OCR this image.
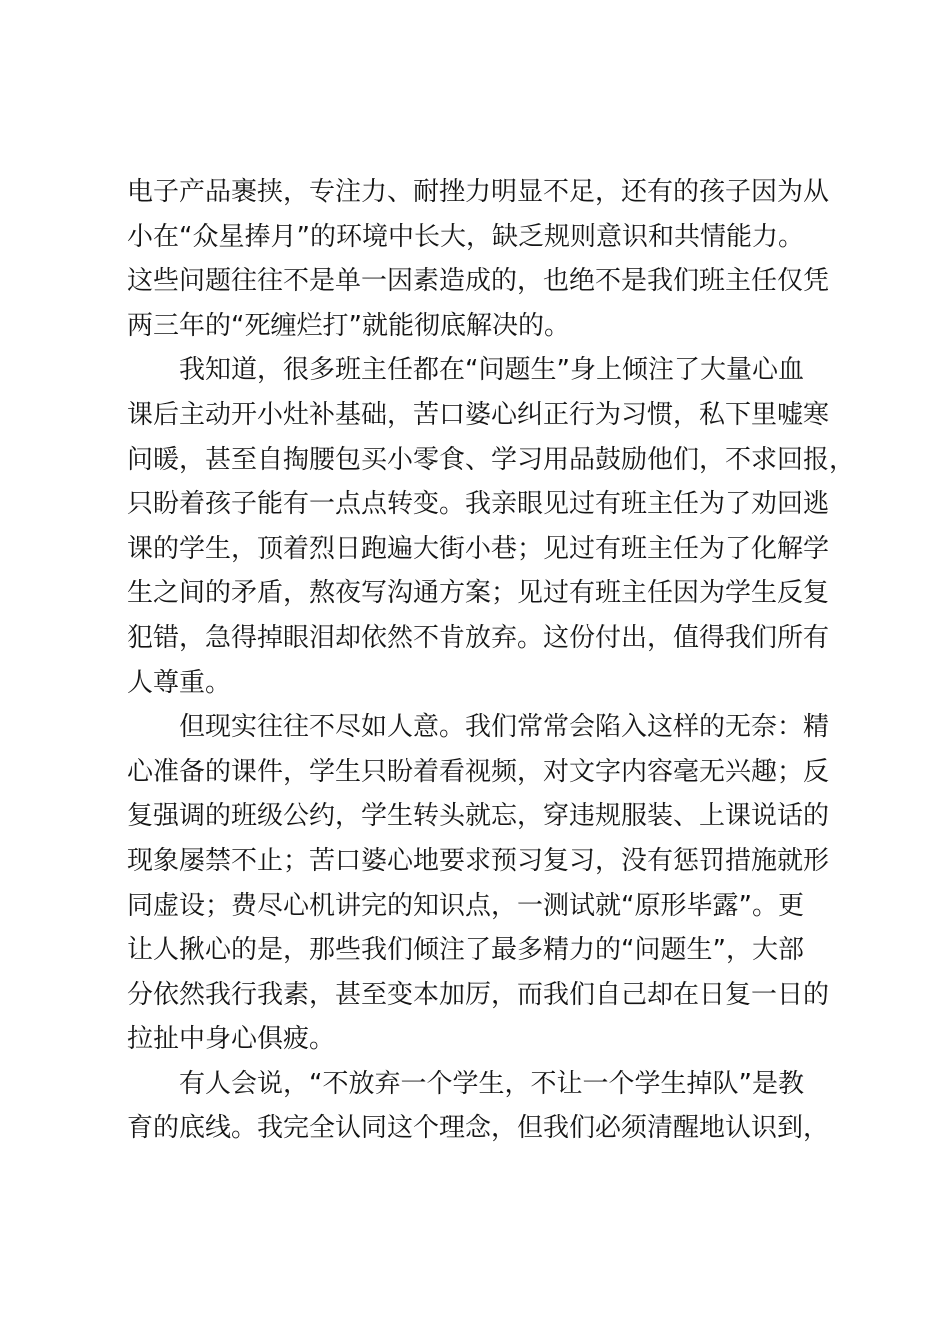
电子产品裹挟，专注力、耐挫力明显不足，还有的孩子因为从
小在“众星捧月”的环境中长大，缺乏规则意识和共情能力。
这些问题往往不是单一因素造成的，也绝不是我们班主任仅凭
两三年的“死缠烂打”就能彻底解决的。
我知道，很多班主任都在“问题生”身上倾注了大量心血
课后主动开小灶补基础，苦口婆心纠正行为习惯，私下里嘘寒
问暖，甚至自掏腰包买小零食、学习用品鼓励他们，不求回报，
只盼着孩子能有一点点转变。我亲眼见过有班主任为了劝回逃
课的学生，顶着烈日跑遍大街小巷；见过有班主任为了化解学
生之间的矛盾，熬夜写沟通方案；见过有班主任因为学生反复
犯错，急得掉眼泪却依然不肯放弃。这份付出，值得我们所有
人尊重。
但现实往往不尽如人意。我们常常会陷入这样的无奈：精
心准备的课件，学生只盼着看视频，对文字内容毫无兴趣；反
复强调的班级公约，学生转头就忘，穿违规服装、上课说话的
现象屡禁不止；苦口婆心地要求预习复习，没有惩罚措施就形
同虚设；费尽心机讲完的知识点，一测试就“原形毕露”。更
让人揪心的是，那些我们倾注了最多精力的“问题生”，大部
分依然我行我素，甚至变本加厉，而我们自己却在日复一日的
拉扯中身心俱疲。
有人会说，“不放弃一个学生，不让一个学生掉队”是教
育的底线。我完全认同这个理念，但我们必须清醒地认识到，
